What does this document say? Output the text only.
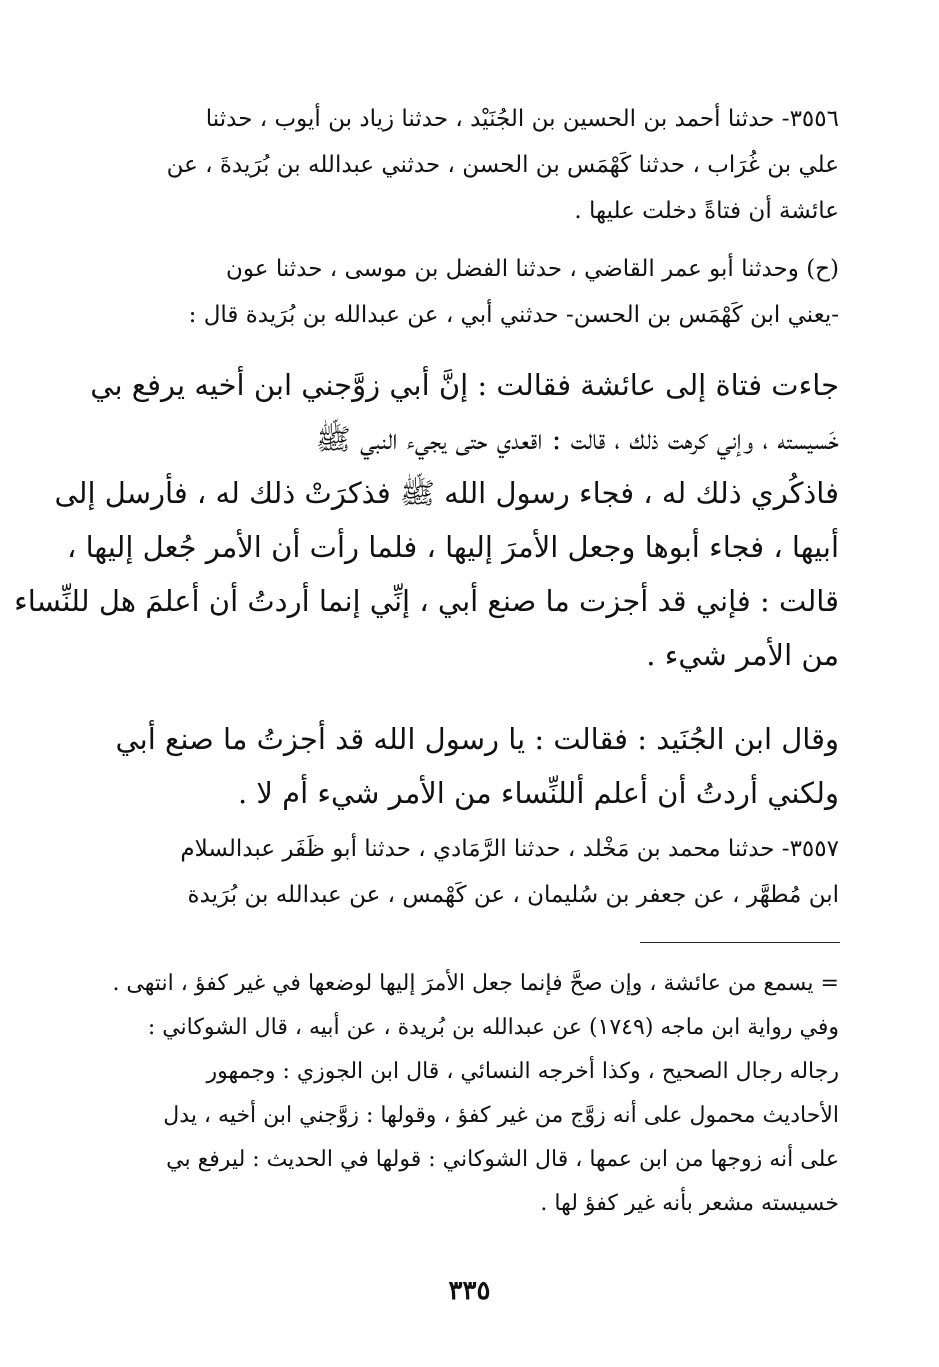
٣٥٥٦- حدثنا أحمد بن الحسين بن الجُنَيْد ، حدثنا زياد بن أيوب ، حدثنا
علي بن غُرَاب ، حدثنا كَهْمَس بن الحسن ، حدثني عبدالله بن بُرَيدةَ ، عن
عائشة أن فتاةً دخلت عليها .
(ح) وحدثنا أبو عمر القاضي ، حدثنا الفضل بن موسى ، حدثنا عون
-يعني ابن كَهْمَس بن الحسن- حدثني أبي ، عن عبدالله بن بُرَيدة قال :
جاءت فتاة إلى عائشة فقالت : إنَّ أبي زوَّجني ابن أخيه يرفع بي
خَسيسته ، وإني كرهت ذلك ، قالت : اقعدي حتى يجيء النبي ﷺ
فاذكُري ذلك له ، فجاء رسول الله ﷺ فذكرَتْ ذلك له ، فأرسل إلى
أبيها ، فجاء أبوها وجعل الأمرَ إليها ، فلما رأت أن الأمر جُعل إليها ،
قالت : فإني قد أجزت ما صنع أبي ، إنِّي إنما أردتُ أن أعلمَ هل للنِّساء
من الأمر شيء .
وقال ابن الجُنَيد : فقالت : يا رسول الله قد أجزتُ ما صنع أبي
ولكني أردتُ أن أعلم أللنِّساء من الأمر شيء أم لا .
٣٥٥٧- حدثنا محمد بن مَخْلد ، حدثنا الرَّمَادي ، حدثنا أبو ظَفَر عبدالسلام
ابن مُطهَّر ، عن جعفر بن سُليمان ، عن كَهْمس ، عن عبدالله بن بُرَيدة
= يسمع من عائشة ، وإن صحَّ فإنما جعل الأمرَ إليها لوضعها في غير كفؤ ، انتهى .
وفي رواية ابن ماجه (١٧٤٩) عن عبدالله بن بُريدة ، عن أبيه ، قال الشوكاني :
رجاله رجال الصحيح ، وكذا أخرجه النسائي ، قال ابن الجوزي : وجمهور
الأحاديث محمول على أنه زوَّج من غير كفؤ ، وقولها : زوَّجني ابن أخيه ، يدل
على أنه زوجها من ابن عمها ، قال الشوكاني : قولها في الحديث : ليرفع بي
خسيسته مشعر بأنه غير كفؤ لها .
٣٣٥
